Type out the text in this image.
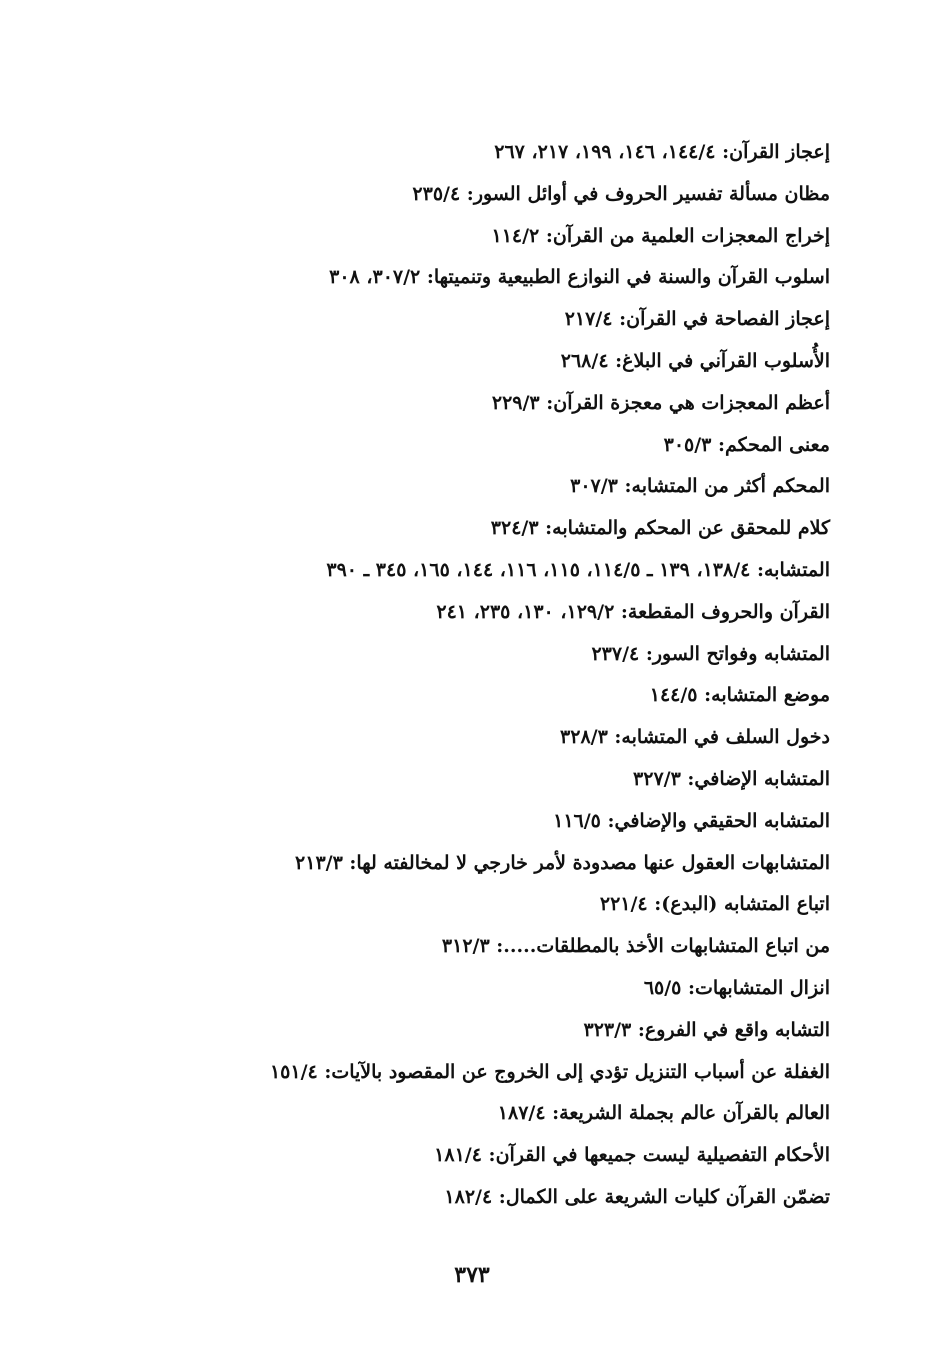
إعجاز القرآن: ١٤٤/٤، ١٤٦، ١٩٩، ٢١٧، ٢٦٧
مظان مسألة تفسير الحروف في أوائل السور: ٢٣٥/٤
إخراج المعجزات العلمية من القرآن: ١١٤/٢
اسلوب القرآن والسنة في النوازع الطبيعية وتنميتها: ٣٠٧/٢، ٣٠٨
إعجاز الفصاحة في القرآن: ٢١٧/٤
الأُسلوب القرآني في البلاغ: ٢٦٨/٤
أعظم المعجزات هي معجزة القرآن: ٢٢٩/٣
معنى المحكم: ٣٠٥/٣
المحكم أكثر من المتشابه: ٣٠٧/٣
كلام للمحقق عن المحكم والمتشابه: ٣٢٤/٣
المتشابه: ١٣٨/٤، ١٣٩ ـ ١١٤/٥، ١١٥، ١١٦، ١٤٤، ١٦٥، ٣٤٥ ـ ٣٩٠
القرآن والحروف المقطعة: ١٢٩/٢، ١٣٠، ٢٣٥، ٢٤١
المتشابه وفواتح السور: ٢٣٧/٤
موضع المتشابه: ١٤٤/٥
دخول السلف في المتشابه: ٣٢٨/٣
المتشابه الإضافي: ٣٢٧/٣
المتشابه الحقيقي والإضافي: ١١٦/٥
المتشابهات العقول عنها مصدودة لأمر خارجي لا لمخالفته لها: ٢١٣/٣
اتباع المتشابه (البدع): ٢٢١/٤
من اتباع المتشابهات الأخذ بالمطلقات.....: ٣١٢/٣
انزال المتشابهات: ٦٥/٥
التشابه واقع في الفروع: ٣٢٣/٣
الغفلة عن أسباب التنزيل تؤدي إلى الخروج عن المقصود بالآيات: ١٥١/٤
العالم بالقرآن عالم بجملة الشريعة: ١٨٧/٤
الأحكام التفصيلية ليست جميعها في القرآن: ١٨١/٤
تضمّن القرآن كليات الشريعة على الكمال: ١٨٢/٤
٣٧٣
